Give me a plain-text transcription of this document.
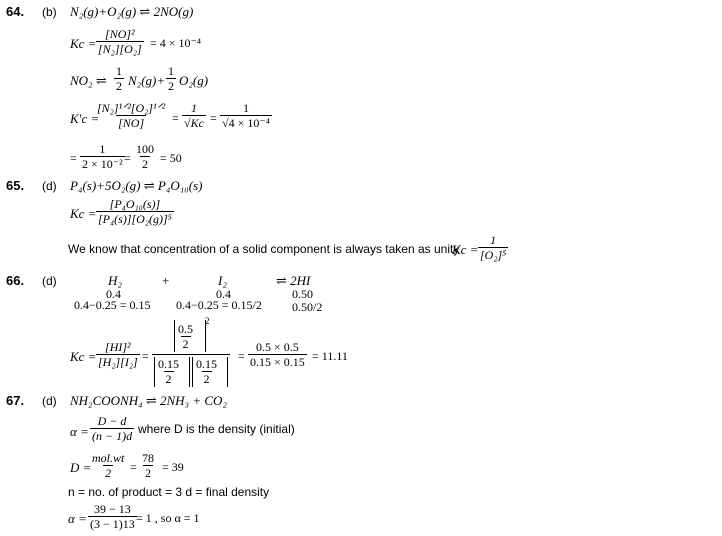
64. (b) N₂(g)+O₂(g) ⇌ 2NO(g)
$Kc = \frac{\text{[NO]²}}{\text{[N₂][O₂]}} = 4 \times 10^{-4}$
NO₂ ⇌ $\frac{1}{2} N_2(g)+ \frac{1}{2} O_2(g)$
K′c =
[N₂]¹ᐟ²[O₂]¹ᐟ²
$[NO] = \frac{1}{√Kc} = \frac{1}{\text{√4 × 10⁻⁴}}$
= $\frac{1}{\text{2 × 10⁻²}} = \frac{100}{2} = 50$
65. (d) P₄(s)+5O₂(g) ⇌ P₄O₁₀(s)
$Kc = \frac{\text{[P₄O₁₀(s)]}}{\text{[P₄(s)][O₂(g)]⁵}}$
We know that concentration of a solid component is always taken as unity
$Kc = \frac{1}{\text{[O₂]⁵}}$
66. (d)	H₂	+	I₂	⇌ 2HI
0.4	0.4	0.50
0.4−0.25 = 0.15 0.4−0.25 = 0.15/2	0.50/2
$Kc = \frac{\text{[HI]²}}{\text{[H₂][I₂]}}$ =
$\frac{0.5}{2}$
2
$\frac{0.15}{2} \frac{0.15}{2}$
= $\frac{0.5 \times 0.5}{0.15 \times 0.15} = 11.11$
67. (d) NH₂COONH₄ ⇌ 2NH₃ + CO₂
$\alpha = \frac{D - d}{(n - 1)d}$ where D is the density (initial)
D =
mol.wt
$2 = \frac{78}{2} = 39$
n = no. of product = 3 d = final density
$\alpha = \frac{39 - 13}{(3 - 1)13} = 1$ , so α = 1
